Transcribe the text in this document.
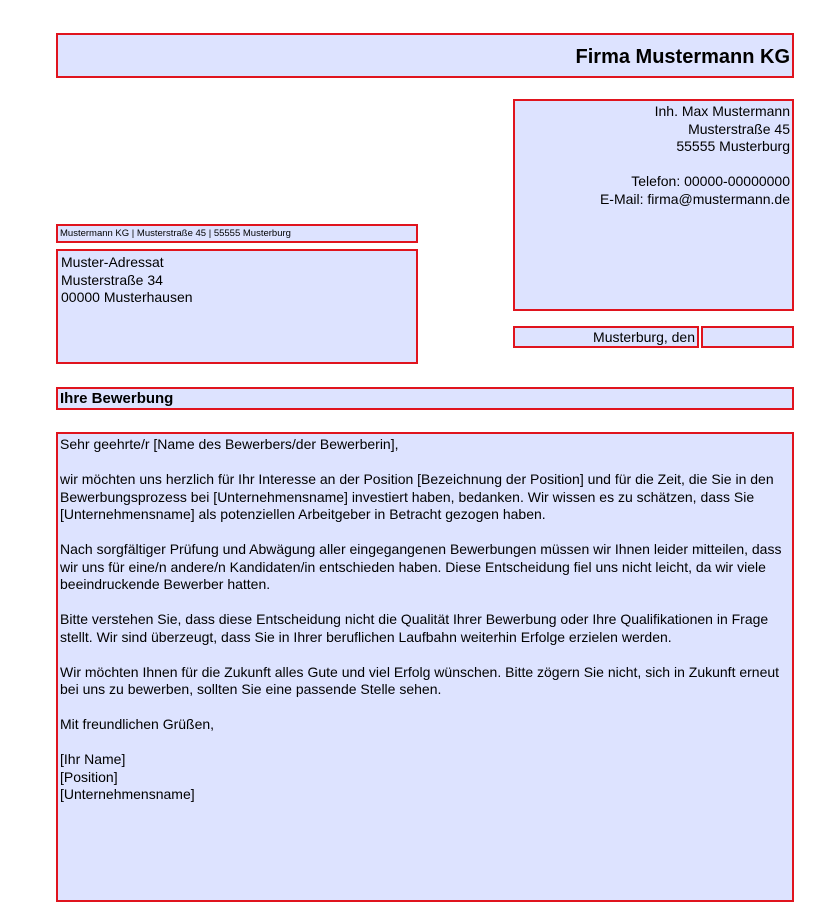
Firma Mustermann KG
Inh. Max Mustermann
Musterstraße 45
55555 Musterburg

Telefon: 00000-00000000
E-Mail: firma@mustermann.de
Mustermann KG | Musterstraße 45 | 55555 Musterburg
Muster-Adressat
Musterstraße 34
00000 Musterhausen
Musterburg, den
Ihre Bewerbung

Sehr geehrte/r [Name des Bewerbers/der Bewerberin],

wir möchten uns herzlich für Ihr Interesse an der Position [Bezeichnung der Position] und für die Zeit, die Sie in den Bewerbungsprozess bei [Unternehmensname] investiert haben, bedanken. Wir wissen es zu schätzen, dass Sie [Unternehmensname] als potenziellen Arbeitgeber in Betracht gezogen haben.

Nach sorgfältiger Prüfung und Abwägung aller eingegangenen Bewerbungen müssen wir Ihnen leider mitteilen, dass wir uns für eine/n andere/n Kandidaten/in entschieden haben. Diese Entscheidung fiel uns nicht leicht, da wir viele beeindruckende Bewerber hatten.

Bitte verstehen Sie, dass diese Entscheidung nicht die Qualität Ihrer Bewerbung oder Ihre Qualifikationen in Frage stellt. Wir sind überzeugt, dass Sie in Ihrer beruflichen Laufbahn weiterhin Erfolge erzielen werden.

Wir möchten Ihnen für die Zukunft alles Gute und viel Erfolg wünschen. Bitte zögern Sie nicht, sich in Zukunft erneut bei uns zu bewerben, sollten Sie eine passende Stelle sehen.

Mit freundlichen Grüßen,

[Ihr Name]
[Position]
[Unternehmensname]
